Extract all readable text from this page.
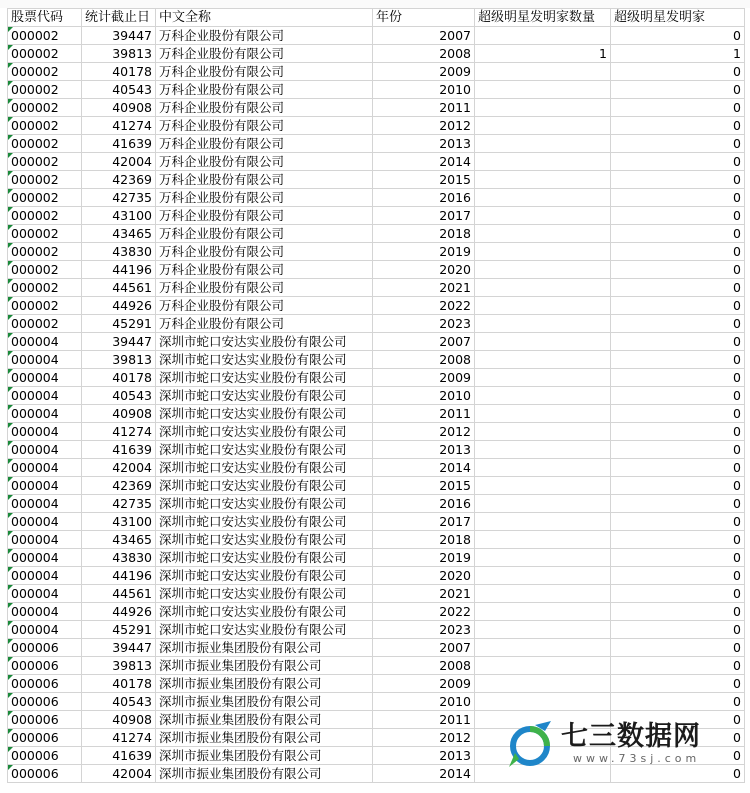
股票代码	统计截止日	中文全称	年份	超级明星发明家数量	超级明星发明家

000002	39447	万科企业股份有限公司	2007		0

000002	39813	万科企业股份有限公司	2008	1	1

000002	40178	万科企业股份有限公司	2009		0

000002	40543	万科企业股份有限公司	2010		0

000002	40908	万科企业股份有限公司	2011		0

000002	41274	万科企业股份有限公司	2012		0

000002	41639	万科企业股份有限公司	2013		0

000002	42004	万科企业股份有限公司	2014		0

000002	42369	万科企业股份有限公司	2015		0

000002	42735	万科企业股份有限公司	2016		0

000002	43100	万科企业股份有限公司	2017		0

000002	43465	万科企业股份有限公司	2018		0

000002	43830	万科企业股份有限公司	2019		0

000002	44196	万科企业股份有限公司	2020		0

000002	44561	万科企业股份有限公司	2021		0

000002	44926	万科企业股份有限公司	2022		0

000002	45291	万科企业股份有限公司	2023		0

000004	39447	深圳市蛇口安达实业股份有限公司	2007		0

000004	39813	深圳市蛇口安达实业股份有限公司	2008		0

000004	40178	深圳市蛇口安达实业股份有限公司	2009		0

000004	40543	深圳市蛇口安达实业股份有限公司	2010		0

000004	40908	深圳市蛇口安达实业股份有限公司	2011		0

000004	41274	深圳市蛇口安达实业股份有限公司	2012		0

000004	41639	深圳市蛇口安达实业股份有限公司	2013		0

000004	42004	深圳市蛇口安达实业股份有限公司	2014		0

000004	42369	深圳市蛇口安达实业股份有限公司	2015		0

000004	42735	深圳市蛇口安达实业股份有限公司	2016		0

000004	43100	深圳市蛇口安达实业股份有限公司	2017		0

000004	43465	深圳市蛇口安达实业股份有限公司	2018		0

000004	43830	深圳市蛇口安达实业股份有限公司	2019		0

000004	44196	深圳市蛇口安达实业股份有限公司	2020		0

000004	44561	深圳市蛇口安达实业股份有限公司	2021		0

000004	44926	深圳市蛇口安达实业股份有限公司	2022		0

000004	45291	深圳市蛇口安达实业股份有限公司	2023		0

000006	39447	深圳市振业集团股份有限公司	2007		0

000006	39813	深圳市振业集团股份有限公司	2008		0

000006	40178	深圳市振业集团股份有限公司	2009		0

000006	40543	深圳市振业集团股份有限公司	2010		0

000006	40908	深圳市振业集团股份有限公司	2011		0

000006	41274	深圳市振业集团股份有限公司	2012		0

000006	41639	深圳市振业集团股份有限公司	2013		0

000006	42004	深圳市振业集团股份有限公司	2014		0
七三数据网
www.73sj.com
